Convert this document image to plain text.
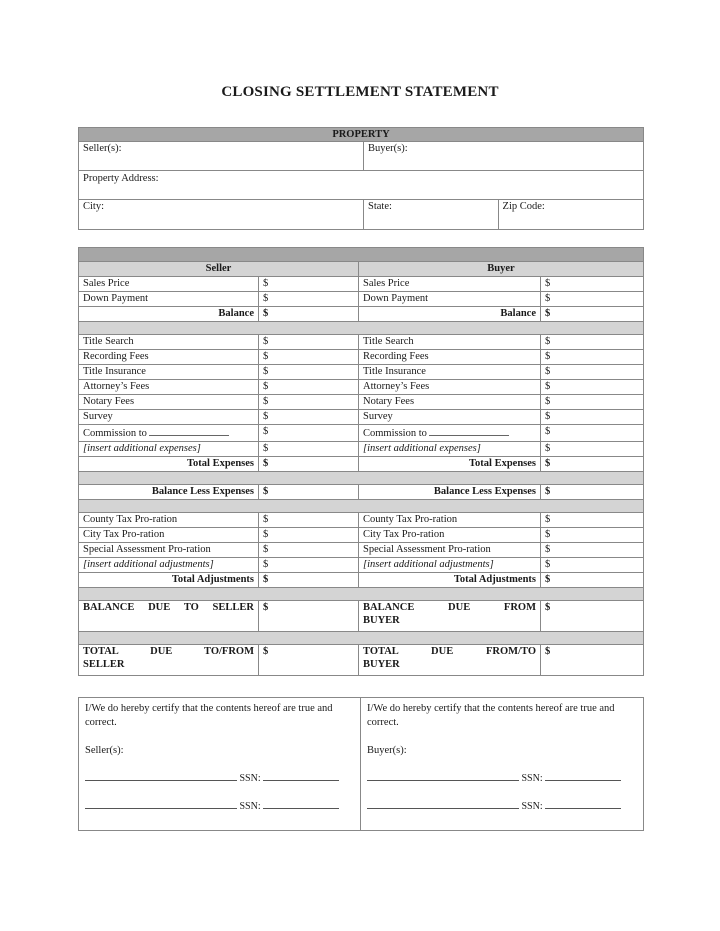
CLOSING SETTLEMENT STATEMENT
PROPERTY
Seller(s):	Buyer(s):
Property Address:
City:		State:	Zip Code:

Seller		Buyer	
Sales Price	$	Sales Price	$
Down Payment	$	Down Payment	$
Balance	$	Balance	$

Title Search	$	Title Search	$
Recording Fees	$	Recording Fees	$
Title Insurance	$	Title Insurance	$
Attorney’s Fees	$	Attorney’s Fees	$
Notary Fees	$	Notary Fees	$
Survey	$	Survey	$
Commission to	$	Commission to	$
[insert additional expenses]	$	[insert additional expenses]	$
Total Expenses	$	Total Expenses	$

Balance Less Expenses	$	Balance Less Expenses	$

County Tax Pro-ration	$	County Tax Pro-ration	$
City Tax Pro-ration	$	City Tax Pro-ration	$
Special Assessment Pro-ration	$	Special Assessment Pro-ration	$
[insert additional adjustments]	$	[insert additional adjustments]	$
Total Adjustments	$	Total Adjustments	$

BALANCE DUE TO SELLER	$	BALANCE DUE FROM BUYER	$

TOTAL DUE TO/FROM SELLER	$	TOTAL DUE FROM/TO BUYER	$
I/We do hereby certify that the contents hereof are true and correct.
Seller(s):
SSN:
SSN:

I/We do hereby certify that the contents hereof are true and correct.
Buyer(s):
SSN:
SSN:
